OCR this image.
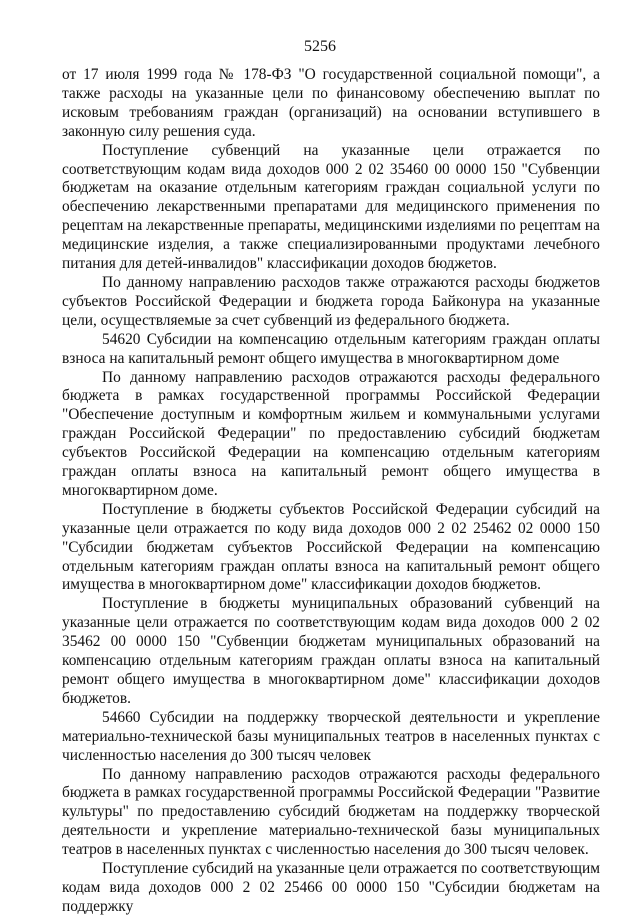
5256

от 17 июля 1999 года № 178-ФЗ "О государственной социальной помощи", а также расходы на указанные цели по финансовому обеспечению выплат по исковым требованиям граждан (организаций) на основании вступившего в законную силу решения суда.

Поступление субвенций на указанные цели отражается по соответствующим кодам вида доходов 000 2 02 35460 00 0000 150 "Субвенции бюджетам на оказание отдельным категориям граждан социальной услуги по обеспечению лекарственными препаратами для медицинского применения по рецептам на лекарственные препараты, медицинскими изделиями по рецептам на медицинские изделия, а также специализированными продуктами лечебного питания для детей-инвалидов" классификации доходов бюджетов.

По данному направлению расходов также отражаются расходы бюджетов субъектов Российской Федерации и бюджета города Байконура на указанные цели, осуществляемые за счет субвенций из федерального бюджета.

54620 Субсидии на компенсацию отдельным категориям граждан оплаты взноса на капитальный ремонт общего имущества в многоквартирном доме

По данному направлению расходов отражаются расходы федерального бюджета в рамках государственной программы Российской Федерации "Обеспечение доступным и комфортным жильем и коммунальными услугами граждан Российской Федерации" по предоставлению субсидий бюджетам субъектов Российской Федерации на компенсацию отдельным категориям граждан оплаты взноса на капитальный ремонт общего имущества в многоквартирном доме.

Поступление в бюджеты субъектов Российской Федерации субсидий на указанные цели отражается по коду вида доходов 000 2 02 25462 02 0000 150 "Субсидии бюджетам субъектов Российской Федерации на компенсацию отдельным категориям граждан оплаты взноса на капитальный ремонт общего имущества в многоквартирном доме" классификации доходов бюджетов.

Поступление в бюджеты муниципальных образований субвенций на указанные цели отражается по соответствующим кодам вида доходов 000 2 02 35462 00 0000 150 "Субвенции бюджетам муниципальных образований на компенсацию отдельным категориям граждан оплаты взноса на капитальный ремонт общего имущества в многоквартирном доме" классификации доходов бюджетов.

54660 Субсидии на поддержку творческой деятельности и укрепление материально-технической базы муниципальных театров в населенных пунктах с численностью населения до 300 тысяч человек

По данному направлению расходов отражаются расходы федерального бюджета в рамках государственной программы Российской Федерации "Развитие культуры" по предоставлению субсидий бюджетам на поддержку творческой деятельности и укрепление материально-технической базы муниципальных театров в населенных пунктах с численностью населения до 300 тысяч человек.

Поступление субсидий на указанные цели отражается по соответствующим кодам вида доходов 000 2 02 25466 00 0000 150 "Субсидии бюджетам на поддержку
